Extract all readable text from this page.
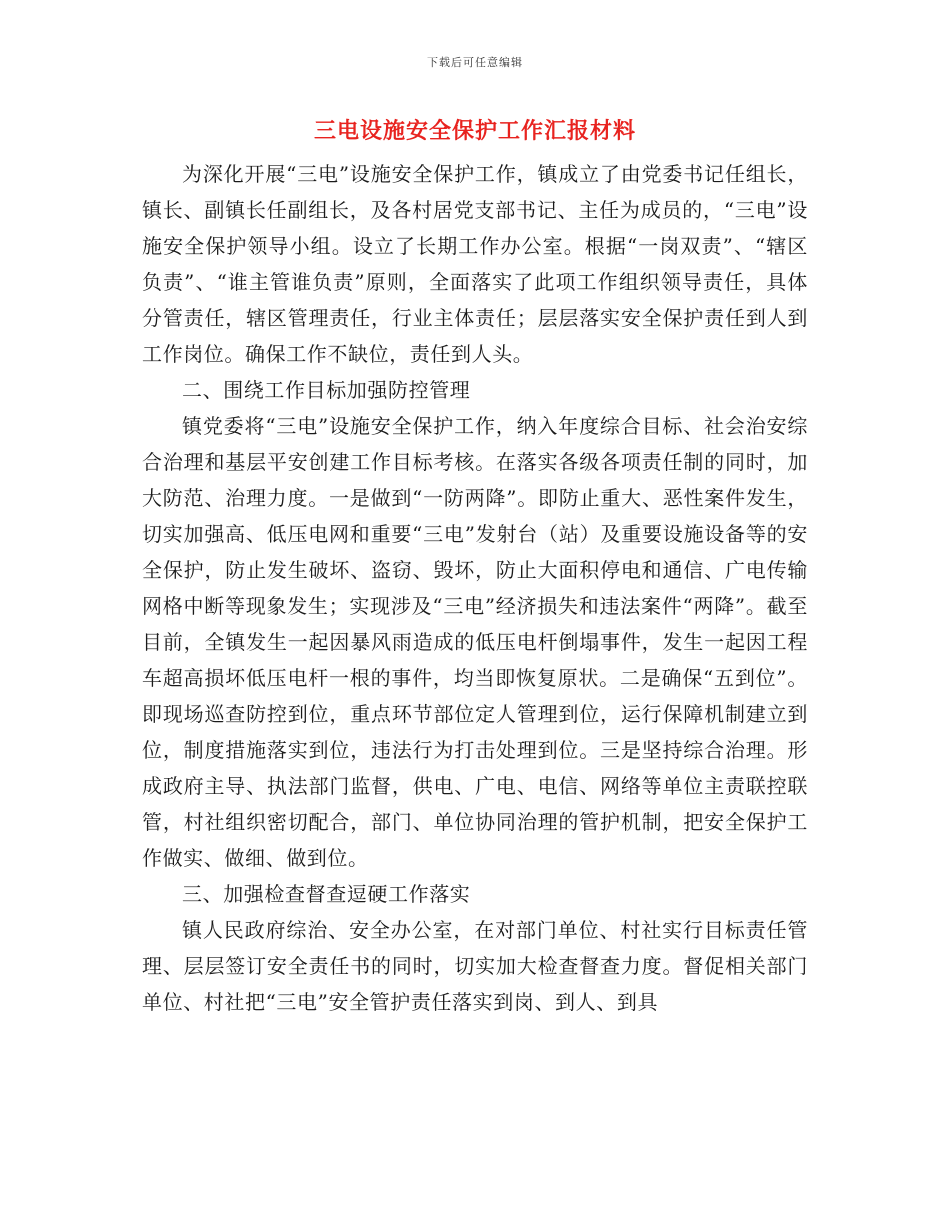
下载后可任意编辑
三电设施安全保护工作汇报材料

为深化开展“三电”设施安全保护工作，镇成立了由党委书记任组长，镇长、副镇长任副组长，及各村居党支部书记、主任为成员的，“三电”设施安全保护领导小组。设立了长期工作办公室。根据“一岗双责”、“辖区负责”、“谁主管谁负责”原则，全面落实了此项工作组织领导责任，具体分管责任，辖区管理责任，行业主体责任；层层落实安全保护责任到人到工作岗位。确保工作不缺位，责任到人头。

二、围绕工作目标加强防控管理

镇党委将“三电”设施安全保护工作，纳入年度综合目标、社会治安综合治理和基层平安创建工作目标考核。在落实各级各项责任制的同时，加大防范、治理力度。一是做到“一防两降”。即防止重大、恶性案件发生，切实加强高、低压电网和重要“三电”发射台（站）及重要设施设备等的安全保护，防止发生破坏、盗窃、毁坏，防止大面积停电和通信、广电传输网格中断等现象发生；实现涉及“三电”经济损失和违法案件“两降”。截至目前，全镇发生一起因暴风雨造成的低压电杆倒塌事件，发生一起因工程车超高损坏低压电杆一根的事件，均当即恢复原状。二是确保“五到位”。即现场巡查防控到位，重点环节部位定人管理到位，运行保障机制建立到位，制度措施落实到位，违法行为打击处理到位。三是坚持综合治理。形成政府主导、执法部门监督，供电、广电、电信、网络等单位主责联控联管，村社组织密切配合，部门、单位协同治理的管护机制，把安全保护工作做实、做细、做到位。

三、加强检查督查逗硬工作落实

镇人民政府综治、安全办公室，在对部门单位、村社实行目标责任管理、层层签订安全责任书的同时，切实加大检查督查力度。督促相关部门单位、村社把“三电”安全管护责任落实到岗、到人、到具
